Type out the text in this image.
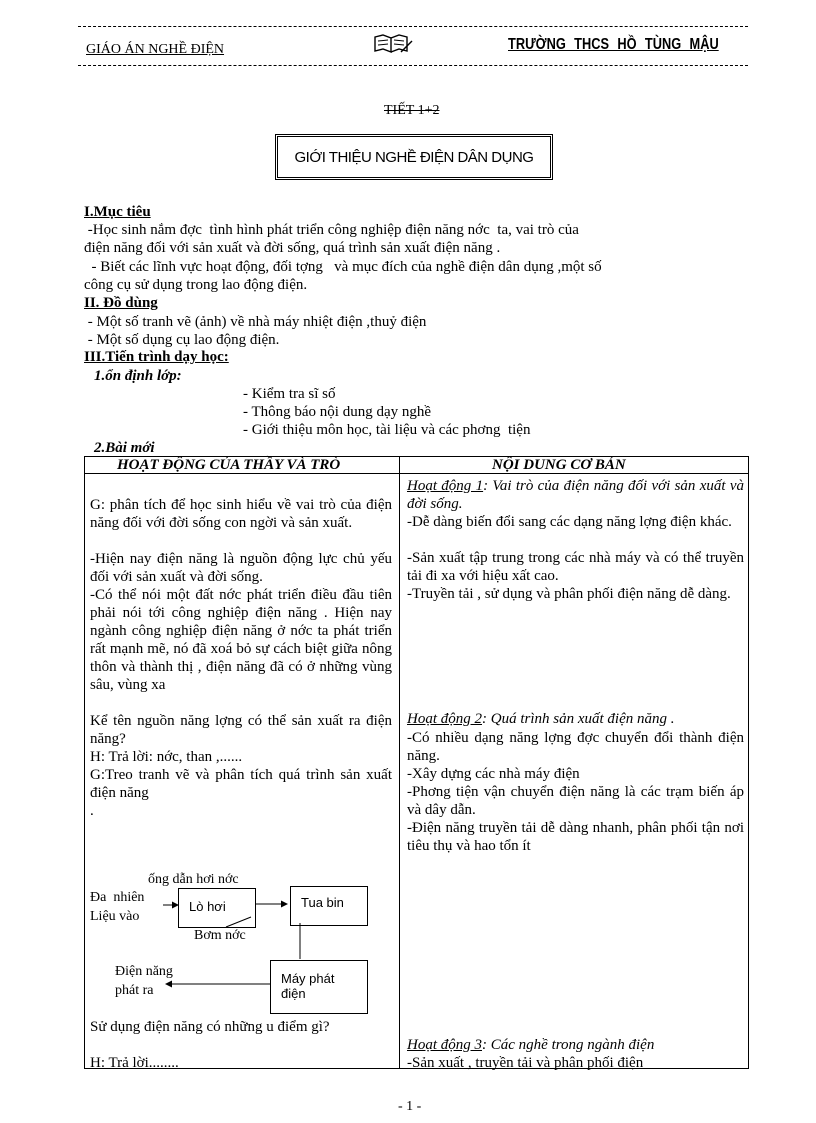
GIÁO ÁN NGHỀ ĐIỆN	TRƯỜNG THCS HỒ TÙNG MẬU
TIẾT 1+2
GIỚI THIỆU NGHỀ ĐIỆN DÂN DỤNG
I.Mục tiêu
-Học sinh nắm đợc  tình hình phát triển công nghiệp điện năng nớc  ta, vai trò của
điện năng đối với sản xuất và đời sống, quá trình sản xuất điện năng .
- Biết các lĩnh vực hoạt động, đối tợng   và mục đích của nghề điện dân dụng ,một số
công cụ sử dụng trong lao động điện.
II. Đồ dùng
- Một số tranh vẽ (ảnh) về nhà máy nhiệt điện ,thuỷ điện
- Một số dụng cụ lao động điện.
III.Tiến trình dạy học:
1.ổn định lớp:
- Kiểm tra sĩ số
- Thông báo nội dung dạy nghề
- Giới thiệu môn học, tài liệu và các phơng  tiện
2.Bài mới
HOẠT ĐỘNG CỦA THẦY VÀ TRÒ	NỘI DUNG CƠ BẢN
G: phân tích để học sinh hiểu về vai trò của điện năng đối với đời sống con ngời và sản xuất.
-Hiện nay điện năng là nguồn động lực chủ yếu đối với sản xuất và đời sống.
-Có thể nói một đất nớc phát triển điều đầu tiên phải nói tới công nghiệp điện năng . Hiện nay ngành công nghiệp điện năng ở nớc ta phát triển rất mạnh mẽ, nó đã xoá bỏ sự cách biệt giữa nông thôn và thành thị , điện năng đã có ở những vùng sâu, vùng xa
Kể tên nguồn năng lợng có thể sản xuất ra điện năng?
H: Trả lời: nớc, than ,......
G:Treo tranh vẽ và phân tích quá trình sản xuất điện năng
.
Lò hơi	Tua bin
Máy phát
điện
ống dẫn hơi nớc
Đa  nhiên
Liệu vào
Bơm nớc
Điện năng
phát ra
Sử dụng điện năng có những u điểm gì?
H: Trả lời........
Hoạt động 1: Vai trò của điện năng đối với sản xuất và đời sống.
-Dễ dàng biến đổi sang các dạng năng lợng điện khác.
-Sản xuất tập trung trong các nhà máy và có thể truyền tải đi xa với hiệu xất cao.
-Truyền tải , sử dụng và phân phối điện năng dễ dàng.
Hoạt động 2: Quá trình sản xuất điện năng .
-Có nhiều dạng năng lợng đợc chuyển đổi thành điện năng.
-Xây dựng các nhà máy điện
-Phơng tiện vận chuyển điện năng là các trạm biến áp và dây dẫn.
-Điện năng truyền tải dễ dàng nhanh, phân phối tận nơi tiêu thụ và hao tổn ít
Hoạt động 3: Các nghề trong ngành điện
-Sản xuất , truyền tải và phân phối điện
- 1 -
